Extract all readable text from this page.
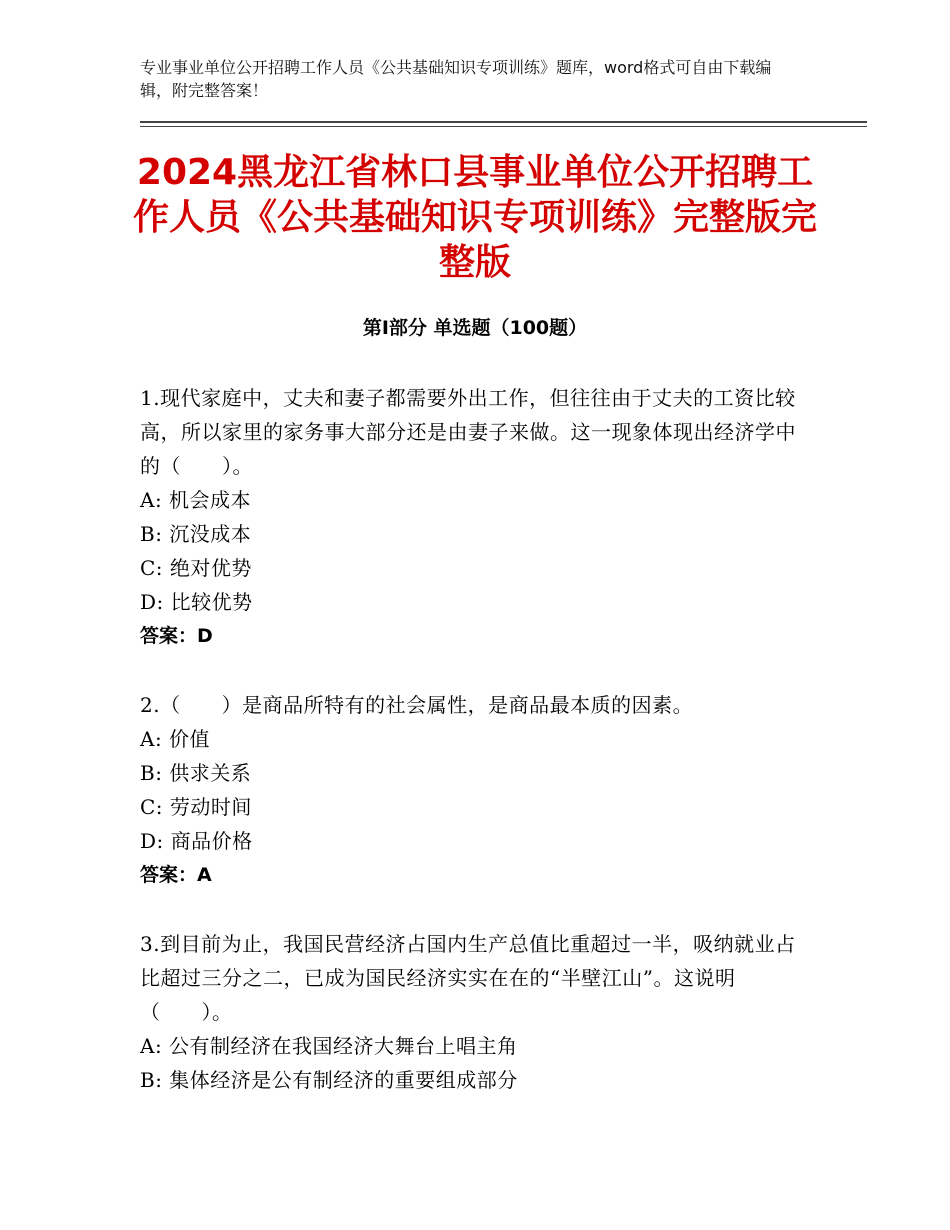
专业事业单位公开招聘工作人员《公共基础知识专项训练》题库，word格式可自由下载编辑，附完整答案！
2024黑龙江省林口县事业单位公开招聘工作人员《公共基础知识专项训练》完整版完整版
第Ⅰ部分 单选题（100题）
1.现代家庭中，丈夫和妻子都需要外出工作，但往往由于丈夫的工资比较高，所以家里的家务事大部分还是由妻子来做。这一现象体现出经济学中的（　　）。
A: 机会成本
B: 沉没成本
C: 绝对优势
D: 比较优势
答案：D
2.（　　）是商品所特有的社会属性，是商品最本质的因素。
A: 价值
B: 供求关系
C: 劳动时间
D: 商品价格
答案：A
3.到目前为止，我国民营经济占国内生产总值比重超过一半，吸纳就业占比超过三分之二，已成为国民经济实实在在的“半壁江山”。这说明（　　）。
A: 公有制经济在我国经济大舞台上唱主角
B: 集体经济是公有制经济的重要组成部分
